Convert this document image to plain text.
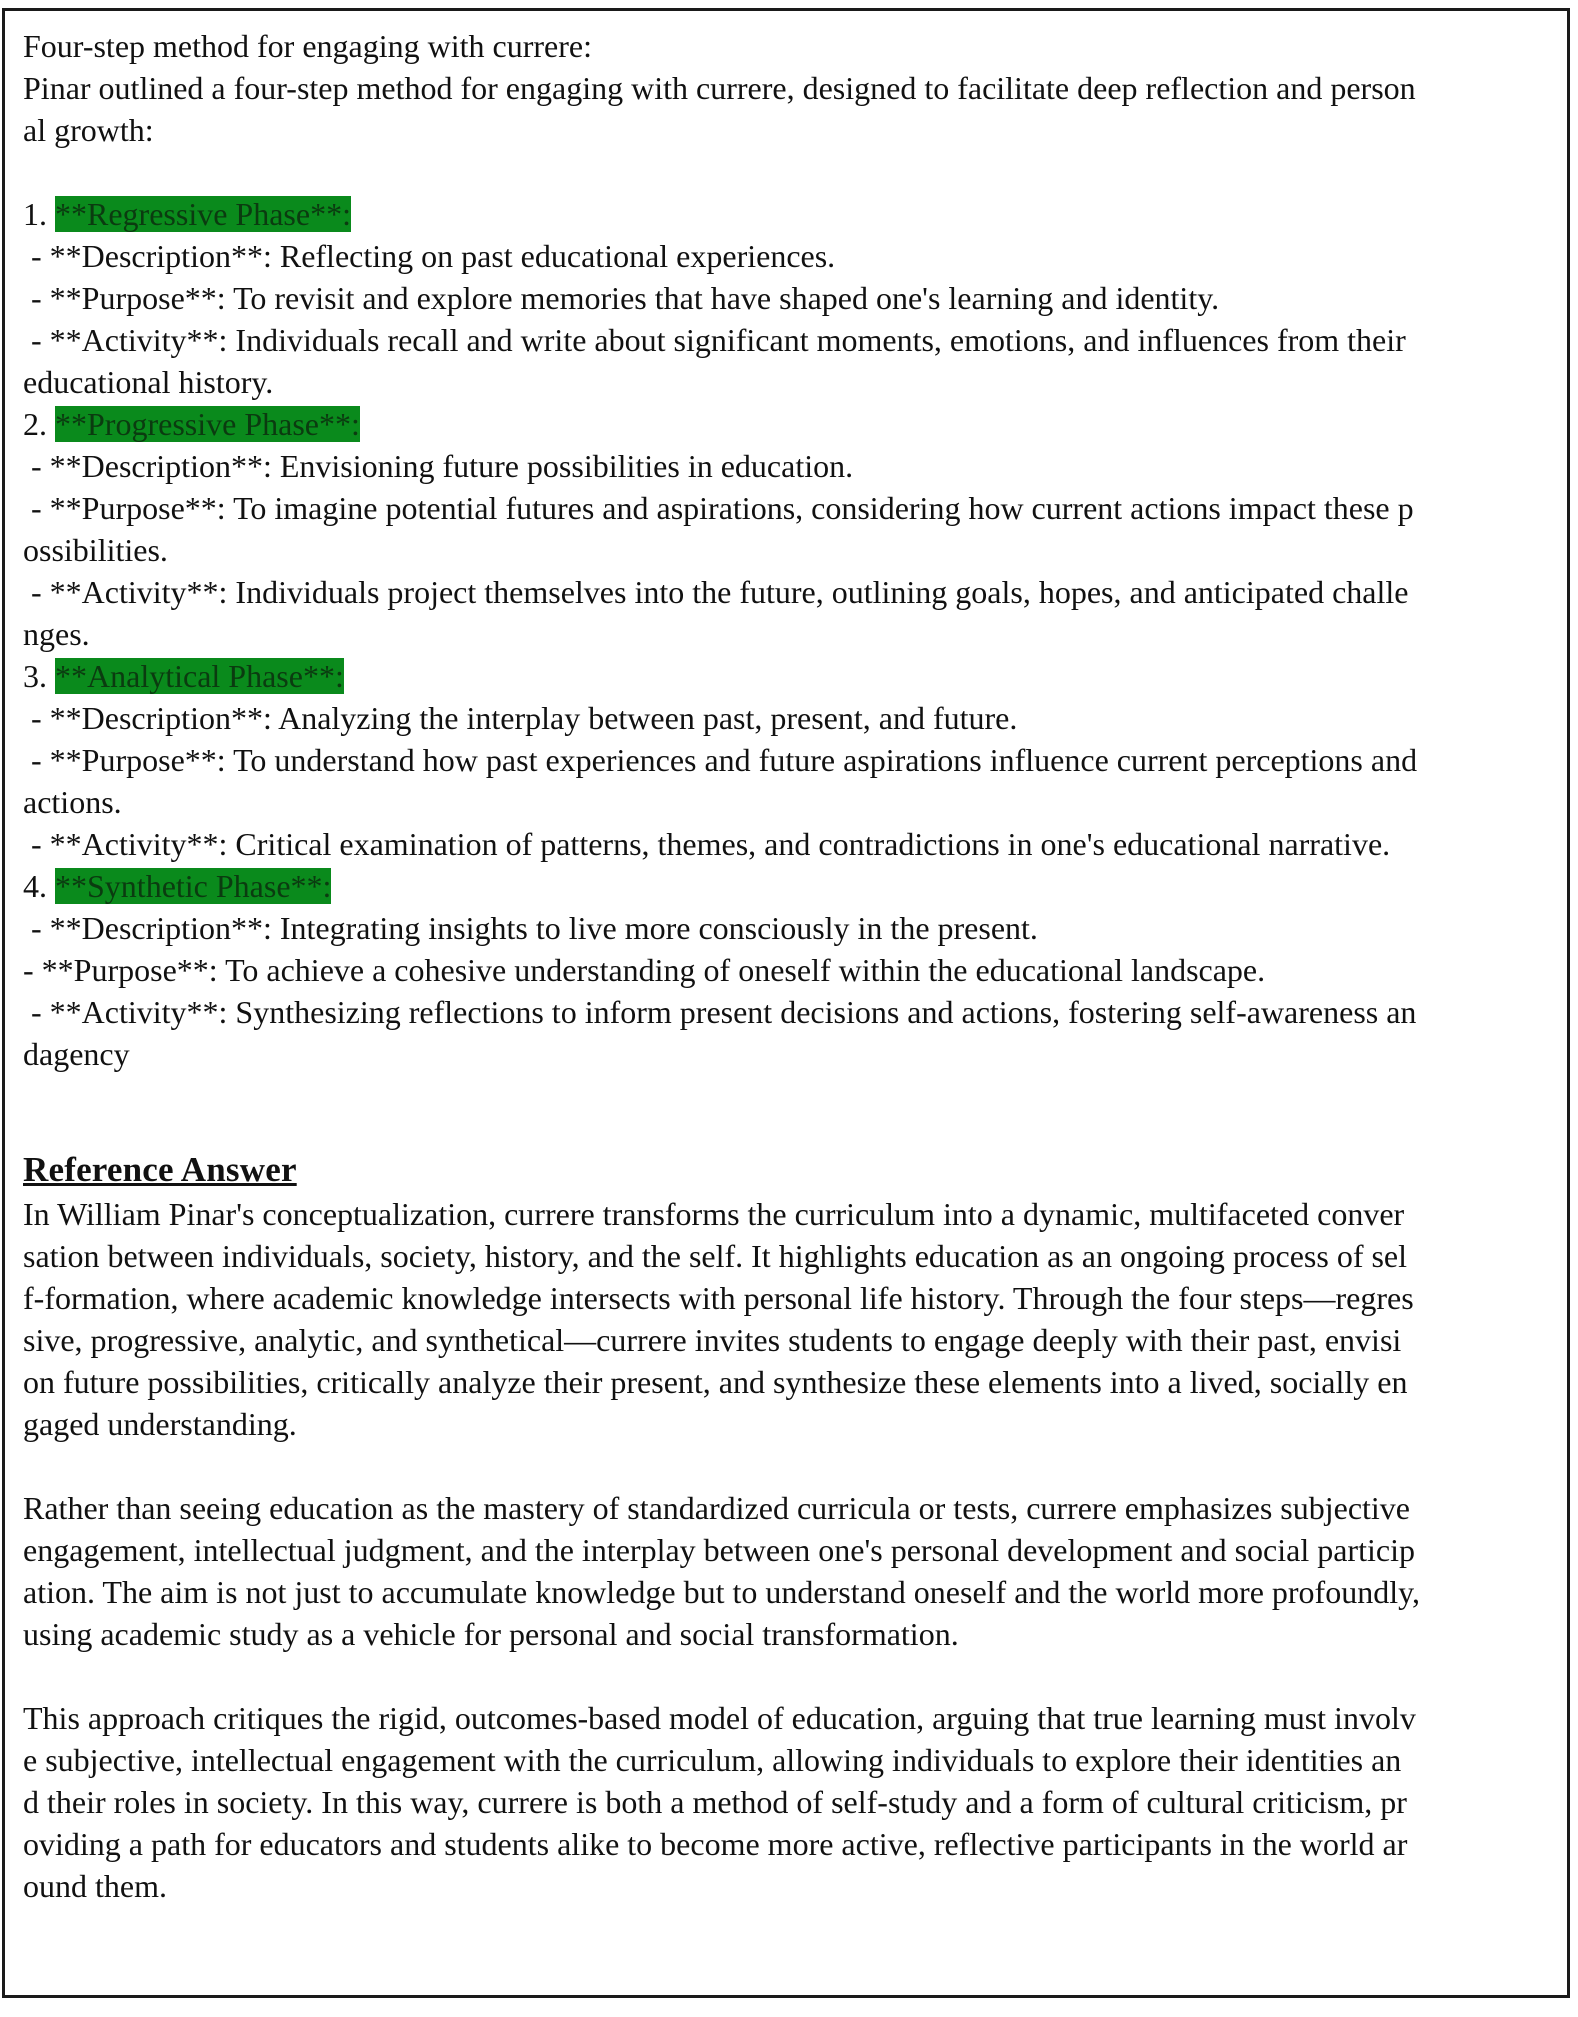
Four-step method for engaging with currere:

Pinar outlined a four-step method for engaging with currere, designed to facilitate deep reflection and person

al growth:

1. **Regressive Phase**:

- **Description**: Reflecting on past educational experiences.

- **Purpose**: To revisit and explore memories that have shaped one's learning and identity.

- **Activity**: Individuals recall and write about significant moments, emotions, and influences from their

educational history.

2. **Progressive Phase**:

- **Description**: Envisioning future possibilities in education.

- **Purpose**: To imagine potential futures and aspirations, considering how current actions impact these p

ossibilities.

- **Activity**: Individuals project themselves into the future, outlining goals, hopes, and anticipated challe

nges.

3. **Analytical Phase**:

- **Description**: Analyzing the interplay between past, present, and future.

- **Purpose**: To understand how past experiences and future aspirations influence current perceptions and

actions.

- **Activity**: Critical examination of patterns, themes, and contradictions in one's educational narrative.

4. **Synthetic Phase**:

- **Description**: Integrating insights to live more consciously in the present.

- **Purpose**: To achieve a cohesive understanding of oneself within the educational landscape.

- **Activity**: Synthesizing reflections to inform present decisions and actions, fostering self-awareness an

dagency

Reference Answer

In William Pinar's conceptualization, currere transforms the curriculum into a dynamic, multifaceted conver

sation between individuals, society, history, and the self. It highlights education as an ongoing process of sel

f-formation, where academic knowledge intersects with personal life history. Through the four steps—regres

sive, progressive, analytic, and synthetical—currere invites students to engage deeply with their past, envisi

on future possibilities, critically analyze their present, and synthesize these elements into a lived, socially en

gaged understanding.

Rather than seeing education as the mastery of standardized curricula or tests, currere emphasizes subjective

engagement, intellectual judgment, and the interplay between one's personal development and social particip

ation. The aim is not just to accumulate knowledge but to understand oneself and the world more profoundly,

using academic study as a vehicle for personal and social transformation.

This approach critiques the rigid, outcomes-based model of education, arguing that true learning must involv

e subjective, intellectual engagement with the curriculum, allowing individuals to explore their identities an

d their roles in society. In this way, currere is both a method of self-study and a form of cultural criticism, pr

oviding a path for educators and students alike to become more active, reflective participants in the world ar

ound them.
